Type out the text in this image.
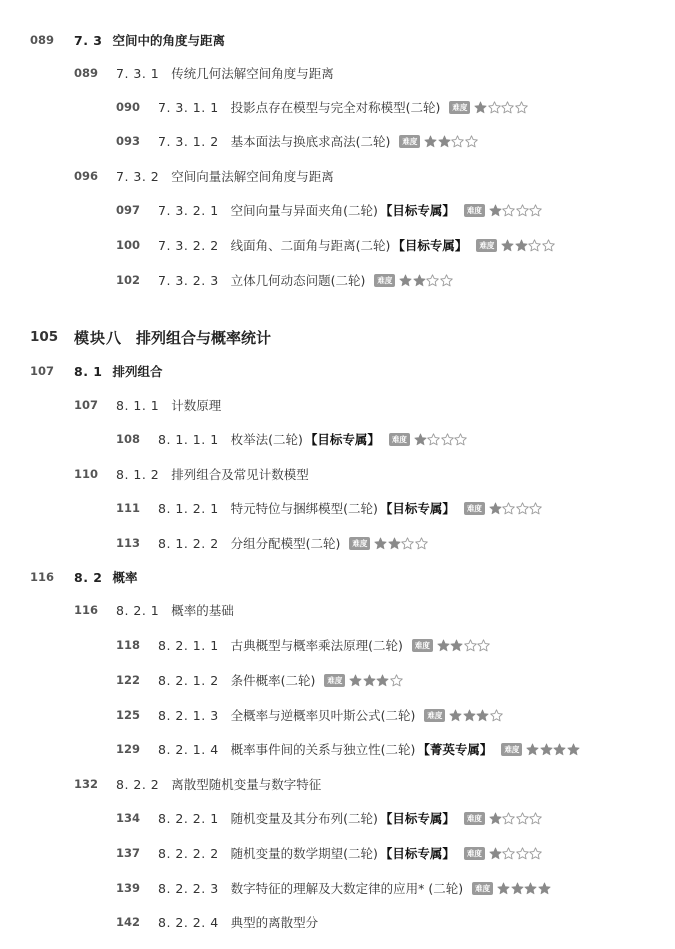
089	7. 3 空间中的角度与距离
089	7. 3. 1 传统几何法解空间角度与距离
090	7. 3. 1. 1 投影点存在模型与完全对称模型(二轮)	难度
093	7. 3. 1. 2 基本面法与换底求高法(二轮)	难度
096	7. 3. 2 空间向量法解空间角度与距离
097	7. 3. 2. 1 空间向量与异面夹角(二轮) 【目标专属】	难度
100	7. 3. 2. 2 线面角、二面角与距离(二轮) 【目标专属】	难度
102	7. 3. 2. 3 立体几何动态问题(二轮)	难度
105	模块八 排列组合与概率统计
107	8. 1 排列组合
107	8. 1. 1 计数原理
108	8. 1. 1. 1 枚举法(二轮) 【目标专属】	难度
110	8. 1. 2 排列组合及常见计数模型
111	8. 1. 2. 1 特元特位与捆绑模型(二轮) 【目标专属】	难度
113	8. 1. 2. 2 分组分配模型(二轮)	难度
116	8. 2 概率
116	8. 2. 1 概率的基础
118	8. 2. 1. 1 古典概型与概率乘法原理(二轮)	难度
122	8. 2. 1. 2 条件概率(二轮)	难度
125	8. 2. 1. 3 全概率与逆概率贝叶斯公式(二轮)	难度
129	8. 2. 1. 4 概率事件间的关系与独立性(二轮) 【菁英专属】	难度
132	8. 2. 2 离散型随机变量与数字特征
134	8. 2. 2. 1 随机变量及其分布列(二轮) 【目标专属】	难度
137	8. 2. 2. 2 随机变量的数学期望(二轮) 【目标专属】	难度
139	8. 2. 2. 3 数字特征的理解及大数定律的应用* (二轮)	难度
142	8. 2. 2. 4 典型的离散型分
